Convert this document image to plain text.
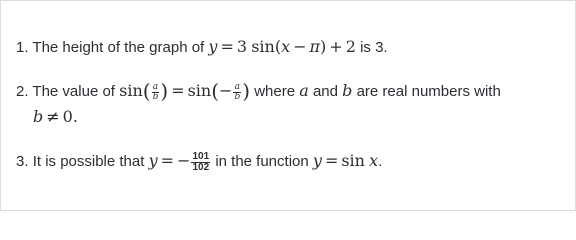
1. The height of the graph of y = 3 sin(x − π) + 2 is 3.
2. The value of $\sin( \frac{a}{b}$ ) = $\sin(- \frac{a}{b}$ ) where a and b are real numbers with
b ≠ 0.
3. It is possible that y = − $\frac{101}{102}$ in the function y = sin x.
